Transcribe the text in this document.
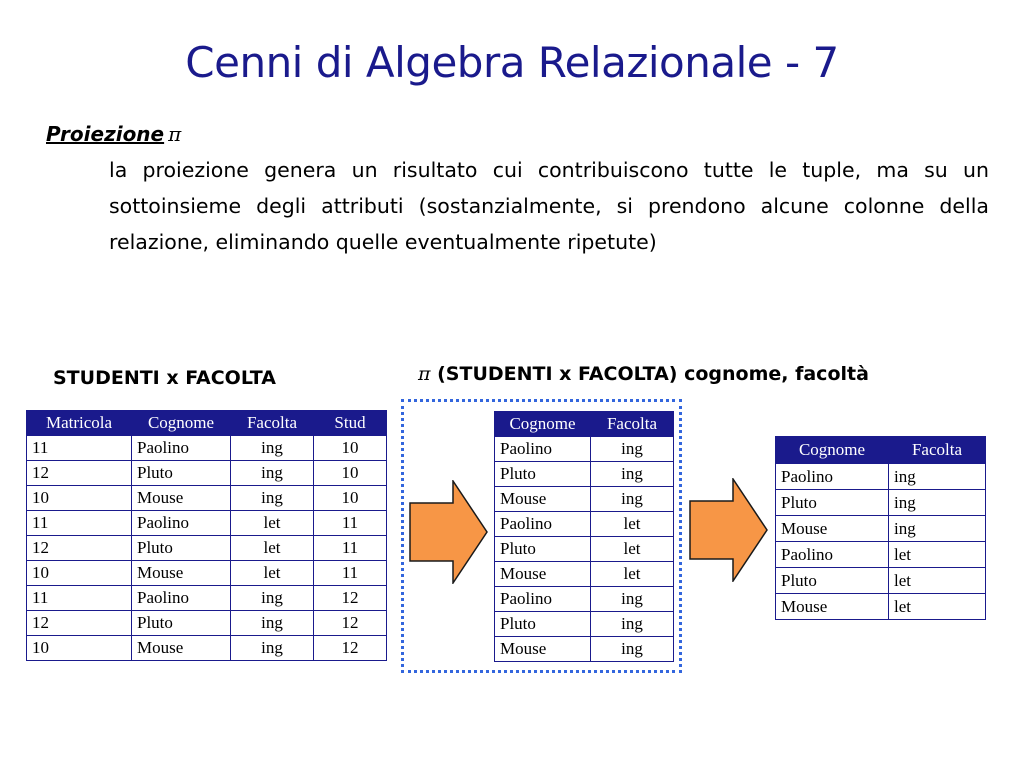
Cenni di Algebra Relazionale - 7
Proiezione π
la proiezione genera un risultato cui contribuiscono tutte le tuple, ma su un sottoinsieme degli attributi (sostanzialmente, si prendono alcune colonne della relazione, eliminando quelle eventualmente ripetute)
STUDENTI x FACOLTA	π (STUDENTI x FACOLTA) cognome, facoltà
Matricola	Cognome	Facolta	Stud
11	Paolino	ing	10
12	Pluto	ing	10
10	Mouse	ing	10
11	Paolino	let	11
12	Pluto	let	11
10	Mouse	let	11
11	Paolino	ing	12
12	Pluto	ing	12
10	Mouse	ing	12
Cognome	Facolta
Paolino	ing
Pluto	ing
Mouse	ing
Paolino	let
Pluto	let
Mouse	let
Paolino	ing
Pluto	ing
Mouse	ing
Cognome	Facolta
Paolino	ing
Pluto	ing
Mouse	ing
Paolino	let
Pluto	let
Mouse	let
